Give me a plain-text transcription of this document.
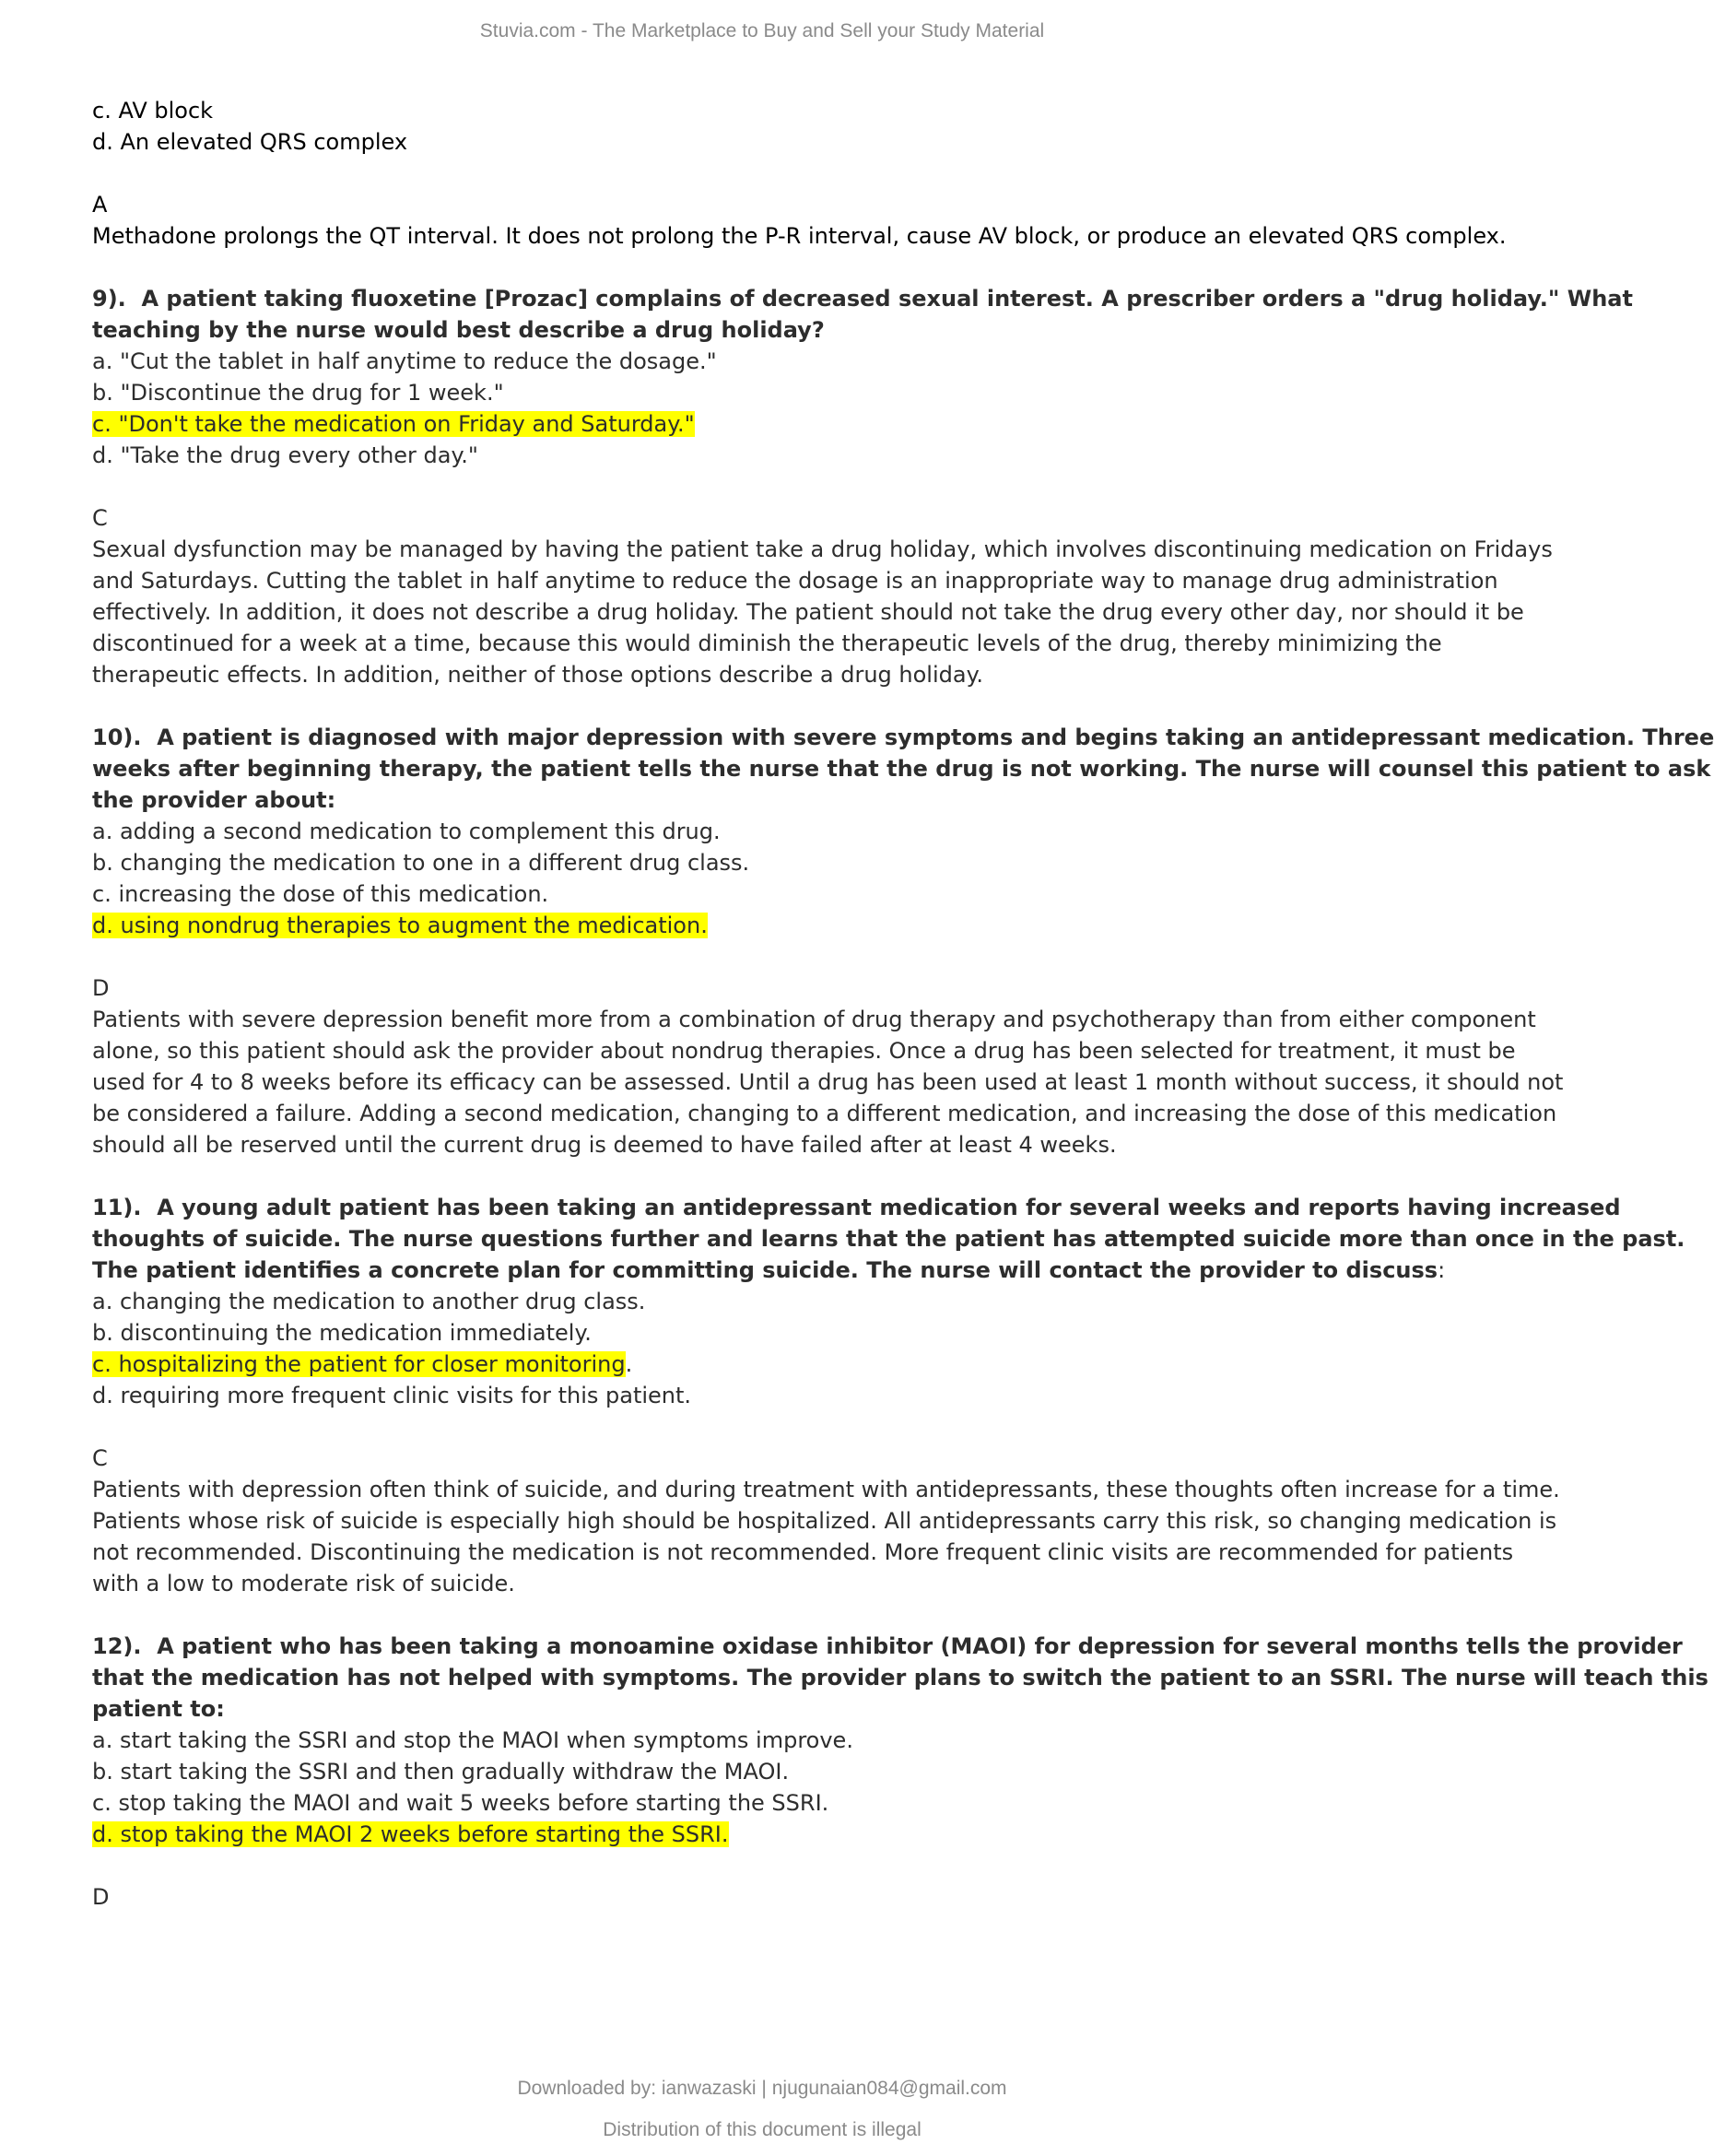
Stuvia.com - The Marketplace to Buy and Sell your Study Material
c. AV block
d. An elevated QRS complex
A
Methadone prolongs the QT interval. It does not prolong the P-R interval, cause AV block, or produce an elevated QRS complex.
9).  A patient taking fluoxetine [Prozac] complains of decreased sexual interest. A prescriber orders a "drug holiday." What
teaching by the nurse would best describe a drug holiday?
a. "Cut the tablet in half anytime to reduce the dosage."
b. "Discontinue the drug for 1 week."
c. "Don't take the medication on Friday and Saturday."
d. "Take the drug every other day."
C
Sexual dysfunction may be managed by having the patient take a drug holiday, which involves discontinuing medication on Fridays
and Saturdays. Cutting the tablet in half anytime to reduce the dosage is an inappropriate way to manage drug administration
effectively. In addition, it does not describe a drug holiday. The patient should not take the drug every other day, nor should it be
discontinued for a week at a time, because this would diminish the therapeutic levels of the drug, thereby minimizing the
therapeutic effects. In addition, neither of those options describe a drug holiday.
10).  A patient is diagnosed with major depression with severe symptoms and begins taking an antidepressant medication. Three
weeks after beginning therapy, the patient tells the nurse that the drug is not working. The nurse will counsel this patient to ask
the provider about:
a. adding a second medication to complement this drug.
b. changing the medication to one in a different drug class.
c. increasing the dose of this medication.
d. using nondrug therapies to augment the medication.
D
Patients with severe depression benefit more from a combination of drug therapy and psychotherapy than from either component
alone, so this patient should ask the provider about nondrug therapies. Once a drug has been selected for treatment, it must be
used for 4 to 8 weeks before its efficacy can be assessed. Until a drug has been used at least 1 month without success, it should not
be considered a failure. Adding a second medication, changing to a different medication, and increasing the dose of this medication
should all be reserved until the current drug is deemed to have failed after at least 4 weeks.
11).  A young adult patient has been taking an antidepressant medication for several weeks and reports having increased
thoughts of suicide. The nurse questions further and learns that the patient has attempted suicide more than once in the past.
The patient identifies a concrete plan for committing suicide. The nurse will contact the provider to discuss:
a. changing the medication to another drug class.
b. discontinuing the medication immediately.
c. hospitalizing the patient for closer monitoring.
d. requiring more frequent clinic visits for this patient.
C
Patients with depression often think of suicide, and during treatment with antidepressants, these thoughts often increase for a time.
Patients whose risk of suicide is especially high should be hospitalized. All antidepressants carry this risk, so changing medication is
not recommended. Discontinuing the medication is not recommended. More frequent clinic visits are recommended for patients
with a low to moderate risk of suicide.
12).  A patient who has been taking a monoamine oxidase inhibitor (MAOI) for depression for several months tells the provider
that the medication has not helped with symptoms. The provider plans to switch the patient to an SSRI. The nurse will teach this
patient to:
a. start taking the SSRI and stop the MAOI when symptoms improve.
b. start taking the SSRI and then gradually withdraw the MAOI.
c. stop taking the MAOI and wait 5 weeks before starting the SSRI.
d. stop taking the MAOI 2 weeks before starting the SSRI.
D
Downloaded by: ianwazaski | njugunaian084@gmail.com
Distribution of this document is illegal
